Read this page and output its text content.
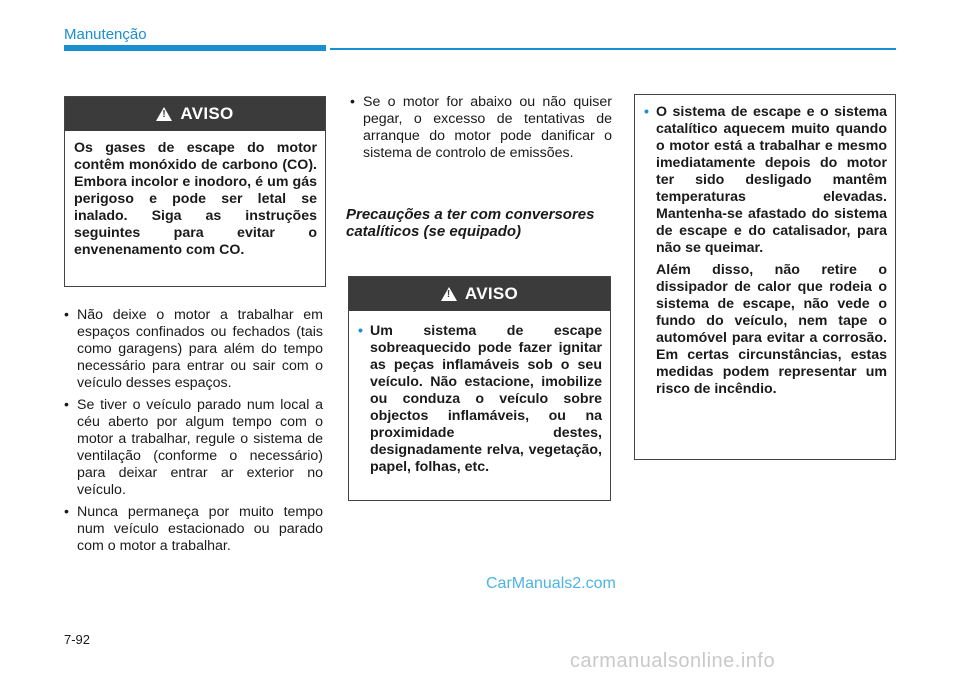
Manutenção
!
AVISO
Os gases de escape do motor contêm monóxido de carbono (CO). Embora incolor e inodoro, é um gás perigoso e pode ser letal se inalado. Siga as instruções seguintes para evitar o envenenamento com CO.
• Não deixe o motor a trabalhar em espaços confinados ou fechados (tais como garagens) para além do tempo necessário para entrar ou sair com o veículo desses espaços.
• Se tiver o veículo parado num local a céu aberto por algum tempo com o motor a trabalhar, regule o sistema de ventilação (conforme o necessário) para deixar entrar ar exterior no veículo.
• Nunca permaneça por muito tempo num veículo estacionado ou parado com o motor a trabalhar.
• Se o motor for abaixo ou não quiser pegar, o excesso de tentativas de arranque do motor pode danificar o sistema de controlo de emissões.
Precauções a ter com conversores catalíticos (se equipado)
!
AVISO
• Um sistema de escape sobreaquecido pode fazer ignitar as peças inflamáveis sob o seu veículo. Não estacione, imobilize ou conduza o veículo sobre objectos inflamáveis, ou na proximidade destes, designadamente relva, vegetação, papel, folhas, etc.
• O sistema de escape e o sistema catalítico aquecem muito quando o motor está a trabalhar e mesmo imediatamente depois do motor ter sido desligado mantêm temperaturas elevadas. Mantenha-se afastado do sistema de escape e do catalisador, para não se queimar.
Além disso, não retire o dissipador de calor que rodeia o sistema de escape, não vede o fundo do veículo, nem tape o automóvel para evitar a corrosão. Em certas circunstâncias, estas medidas podem representar um risco de incêndio.
CarManuals2.com
7-92
carmanualsonline.info
